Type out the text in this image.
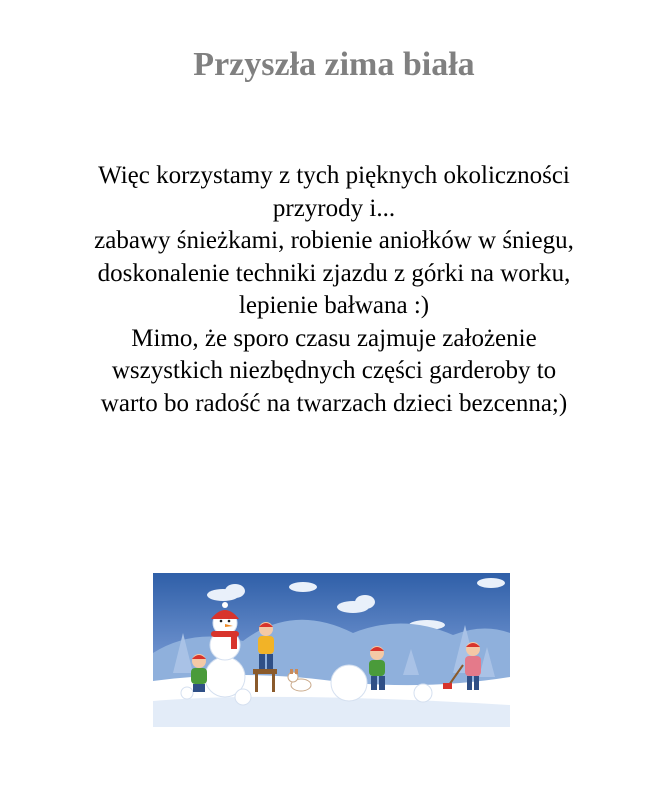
Przyszła zima biała
Więc korzystamy z tych pięknych okoliczności
przyrody i...
zabawy śnieżkami, robienie aniołków w śniegu,
doskonalenie techniki zjazdu z górki na worku,
lepienie bałwana :)
Mimo, że sporo czasu zajmuje założenie
wszystkich niezbędnych części garderoby to
warto bo radość na twarzach dzieci bezcenna;)
